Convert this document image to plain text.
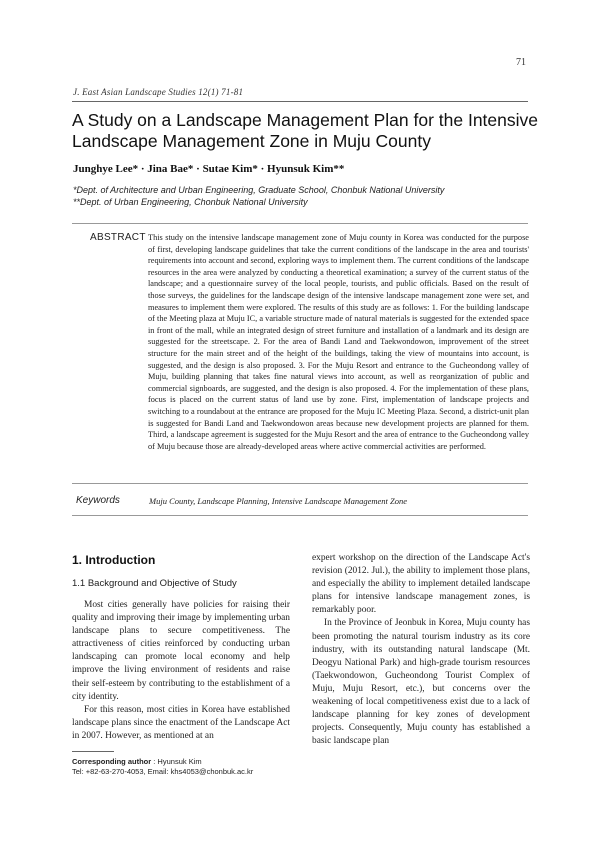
71
J. East Asian Landscape Studies 12(1) 71-81
A Study on a Landscape Management Plan for the Intensive Landscape Management Zone in Muju County
Junghye Lee* · Jina Bae* · Sutae Kim* · Hyunsuk Kim**
*Dept. of Architecture and Urban Engineering, Graduate School, Chonbuk National University
**Dept. of Urban Engineering, Chonbuk National University
ABSTRACT This study on the intensive landscape management zone of Muju county in Korea was conducted for the purpose of first, developing landscape guidelines that take the current conditions of the landscape in the area and tourists' requirements into account and second, exploring ways to implement them. The current conditions of the landscape resources in the area were analyzed by conducting a theoretical examination; a survey of the current status of the landscape; and a questionnaire survey of the local people, tourists, and public officials. Based on the result of those surveys, the guidelines for the landscape design of the intensive landscape management zone were set, and measures to implement them were explored. The results of this study are as follows: 1. For the building landscape of the Meeting plaza at Muju IC, a variable structure made of natural materials is suggested for the extended space in front of the mall, while an integrated design of street furniture and installation of a landmark and its design are suggested for the streetscape. 2. For the area of Bandi Land and Taekwondowon, improvement of the street structure for the main street and of the height of the buildings, taking the view of mountains into account, is suggested, and the design is also proposed. 3. For the Muju Resort and entrance to the Gucheondong valley of Muju, building planning that takes fine natural views into account, as well as reorganization of public and commercial signboards, are suggested, and the design is also proposed. 4. For the implementation of these plans, focus is placed on the current status of land use by zone. First, implementation of landscape projects and switching to a roundabout at the entrance are proposed for the Muju IC Meeting Plaza. Second, a district-unit plan is suggested for Bandi Land and Taekwondowon areas because new development projects are planned for them. Third, a landscape agreement is suggested for the Muju Resort and the area of entrance to the Gucheondong valley of Muju because those are already-developed areas where active commercial activities are performed.

Keywords	Muju County, Landscape Planning, Intensive Landscape Management Zone
1. Introduction
1.1 Background and Objective of Study

Most cities generally have policies for raising their quality and improving their image by implementing urban landscape plans to secure competitiveness. The attractiveness of cities reinforced by conducting urban landscaping can promote local economy and help improve the living environment of residents and raise their self-esteem by contributing to the establishment of a city identity.

For this reason, most cities in Korea have established landscape plans since the enactment of the Landscape Act in 2007. However, as mentioned at an

expert workshop on the direction of the Landscape Act's revision (2012. Jul.), the ability to implement those plans, and especially the ability to implement detailed landscape plans for intensive landscape management zones, is remarkably poor.

In the Province of Jeonbuk in Korea, Muju county has been promoting the natural tourism industry as its core industry, with its outstanding natural landscape (Mt. Deogyu National Park) and high-grade tourism resources (Taekwondowon, Gucheondong Tourist Complex of Muju, Muju Resort, etc.), but concerns over the weakening of local competitiveness exist due to a lack of landscape planning for key zones of development projects. Consequently, Muju county has established a basic landscape plan

Corresponding author : Hyunsuk Kim
Tel: +82-63-270-4053, Email: khs4053@chonbuk.ac.kr
